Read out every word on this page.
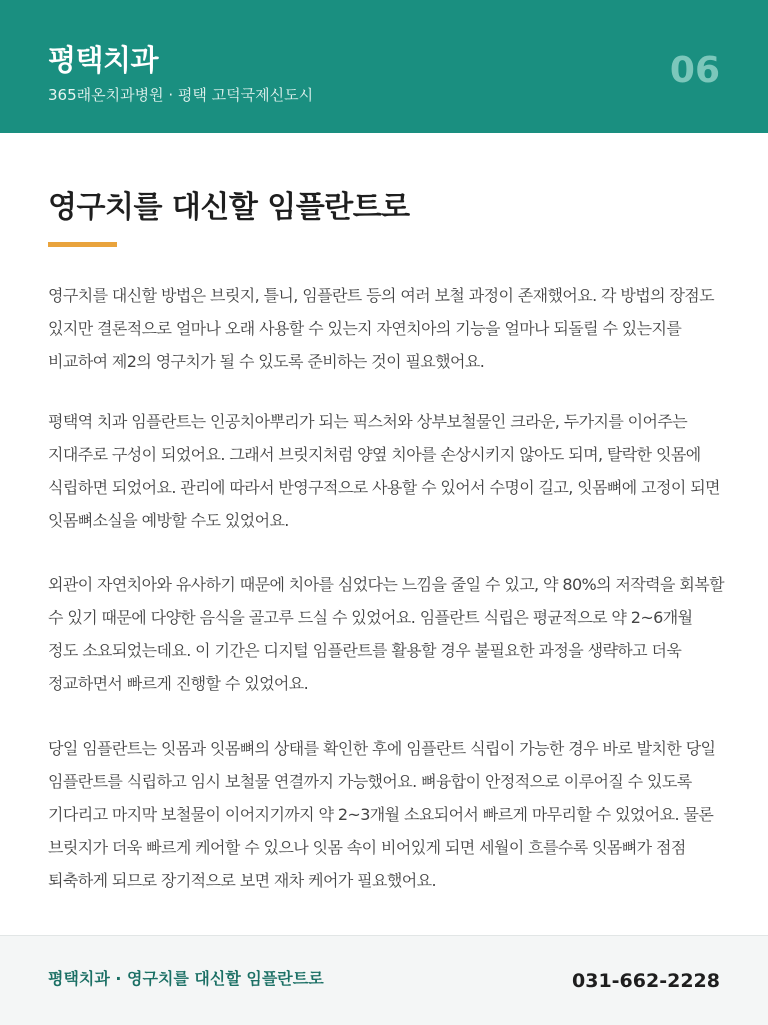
평택치과
365래온치과병원 · 평택 고덕국제신도시
06
영구치를 대신할 임플란트로

영구치를 대신할 방법은 브릿지, 틀니, 임플란트 등의 여러 보철 과정이 존재했어요. 각 방법의 장점도 있지만 결론적으로 얼마나 오래 사용할 수 있는지 자연치아의 기능을 얼마나 되돌릴 수 있는지를 비교하여 제2의 영구치가 될 수 있도록 준비하는 것이 필요했어요.

평택역 치과 임플란트는 인공치아뿌리가 되는 픽스처와 상부보철물인 크라운, 두가지를 이어주는 지대주로 구성이 되었어요. 그래서 브릿지처럼 양옆 치아를 손상시키지 않아도 되며, 탈락한 잇몸에 식립하면 되었어요. 관리에 따라서 반영구적으로 사용할 수 있어서 수명이 길고, 잇몸뼈에 고정이 되면 잇몸뼈소실을 예방할 수도 있었어요.

외관이 자연치아와 유사하기 때문에 치아를 심었다는 느낌을 줄일 수 있고, 약 80%의 저작력을 회복할 수 있기 때문에 다양한 음식을 골고루 드실 수 있었어요. 임플란트 식립은 평균적으로 약 2~6개월 정도 소요되었는데요. 이 기간은 디지털 임플란트를 활용할 경우 불필요한 과정을 생략하고 더욱 정교하면서 빠르게 진행할 수 있었어요.

당일 임플란트는 잇몸과 잇몸뼈의 상태를 확인한 후에 임플란트 식립이 가능한 경우 바로 발치한 당일 임플란트를 식립하고 임시 보철물 연결까지 가능했어요. 뼈융합이 안정적으로 이루어질 수 있도록 기다리고 마지막 보철물이 이어지기까지 약 2~3개월 소요되어서 빠르게 마무리할 수 있었어요. 물론 브릿지가 더욱 빠르게 케어할 수 있으나 잇몸 속이 비어있게 되면 세월이 흐를수록 잇몸뼈가 점점 퇴축하게 되므로 장기적으로 보면 재차 케어가 필요했어요.

평택치과 · 영구치를 대신할 임플란트로	031-662-2228
